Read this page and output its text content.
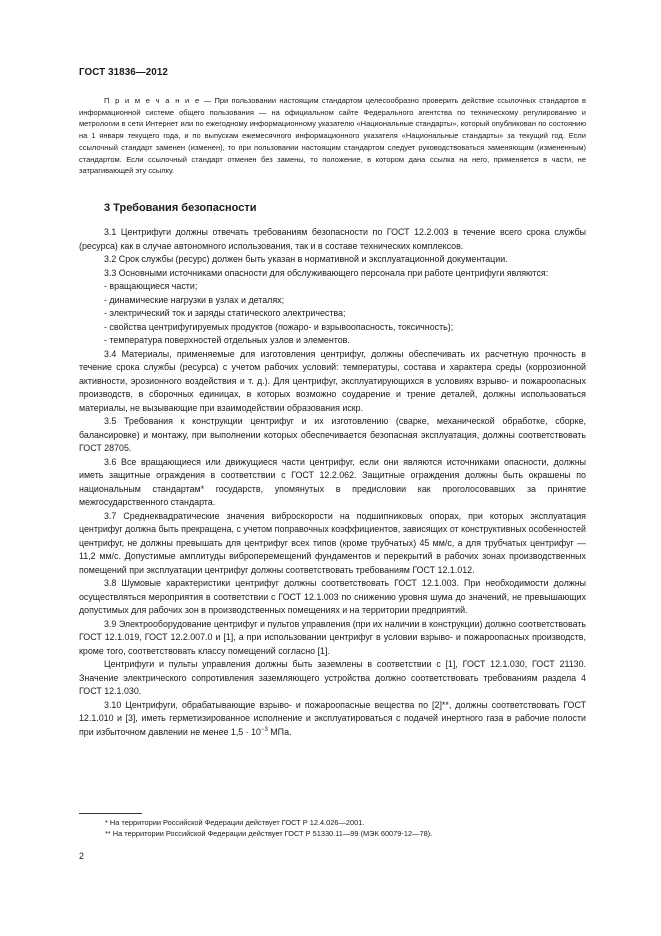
ГОСТ 31836—2012
П р и м е ч а н и е — При пользовании настоящим стандартом целесообразно проверить действие ссылочных стандартов в информационной системе общего пользования — на официальном сайте Федерального агентства по техническому регулированию и метрологии в сети Интернет или по ежегодному информационному указателю «Национальные стандарты», который опубликован по состоянию на 1 января текущего года, и по выпускам ежемесячного информационного указателя «Национальные стандарты» за текущий год. Если ссылочный стандарт заменен (изменен), то при пользовании настоящим стандартом следует руководствоваться заменяющим (измененным) стандартом. Если ссылочный стандарт отменен без замены, то положение, в котором дана ссылка на него, применяется в части, не затрагивающей эту ссылку.
3 Требования безопасности

3.1 Центрифуги должны отвечать требованиям безопасности по ГОСТ 12.2.003 в течение всего срока службы (ресурса) как в случае автономного использования, так и в составе технических комплексов.

3.2 Срок службы (ресурс) должен быть указан в нормативной и эксплуатационной документации.

3.3 Основными источниками опасности для обслуживающего персонала при работе центрифуги являются:

- вращающиеся части;

- динамические нагрузки в узлах и деталях;

- электрический ток и заряды статического электричества;

- свойства центрифугируемых продуктов (пожаро- и взрывоопасность, токсичность);

- температура поверхностей отдельных узлов и элементов.

3.4 Материалы, применяемые для изготовления центрифуг, должны обеспечивать их расчетную прочность в течение срока службы (ресурса) с учетом рабочих условий: температуры, состава и характера среды (коррозионной активности, эрозионного воздействия и т. д.). Для центрифуг, эксплуатирующихся в условиях взрыво- и пожароопасных производств, в сборочных единицах, в которых возможно соударение и трение деталей, должны использоваться материалы, не вызывающие при взаимодействии образования искр.

3.5 Требования к конструкции центрифуг и их изготовлению (сварке, механической обработке, сборке, балансировке) и монтажу, при выполнении которых обеспечивается безопасная эксплуатация, должны соответствовать ГОСТ 28705.

3.6 Все вращающиеся или движущиеся части центрифуг, если они являются источниками опасности, должны иметь защитные ограждения в соответствии с ГОСТ 12.2.062. Защитные ограждения должны быть окрашены по национальным стандартам* государств, упомянутых в предисловии как проголосовавших за принятие межгосударственного стандарта.

3.7 Среднеквадратические значения виброскорости на подшипниковых опорах, при которых эксплуатация центрифуг должна быть прекращена, с учетом поправочных коэффициентов, зависящих от конструктивных особенностей центрифуг, не должны превышать для центрифуг всех типов (кроме трубчатых) 45 мм/с, а для трубчатых центрифуг — 11,2 мм/с. Допустимые амплитуды виброперемещений фундаментов и перекрытий в рабочих зонах производственных помещений при эксплуатации центрифуг должны соответствовать требованиям ГОСТ 12.1.012.

3.8 Шумовые характеристики центрифуг должны соответствовать ГОСТ 12.1.003. При необходимости должны осуществляться мероприятия в соответствии с ГОСТ 12.1.003 по снижению уровня шума до значений, не превышающих допустимых для рабочих зон в производственных помещениях и на территории предприятий.

3.9 Электрооборудование центрифуг и пультов управления (при их наличии в конструкции) должно соответствовать ГОСТ 12.1.019, ГОСТ 12.2.007.0 и [1], а при использовании центрифуг в условии взрыво- и пожароопасных производств, кроме того, соответствовать классу помещений согласно [1].

Центрифуги и пульты управления должны быть заземлены в соответствии с [1], ГОСТ 12.1.030, ГОСТ 21130. Значение электрического сопротивления заземляющего устройства должно соответствовать требованиям раздела 4 ГОСТ 12.1.030.

3.10 Центрифуги, обрабатывающие взрыво- и пожароопасные вещества по [2]**, должны соответствовать ГОСТ 12.1.010 и [3], иметь герметизированное исполнение и эксплуатироваться с подачей инертного газа в рабочие полости при избыточном давлении не менее $1,5 \cdot 10^{-3}$ МПа.

* На территории Российской Федерации действует ГОСТ Р 12.4.026—2001.
** На территории Российской Федерации действует ГОСТ Р 51330.11—99 (МЭК 60079-12—78).
2
